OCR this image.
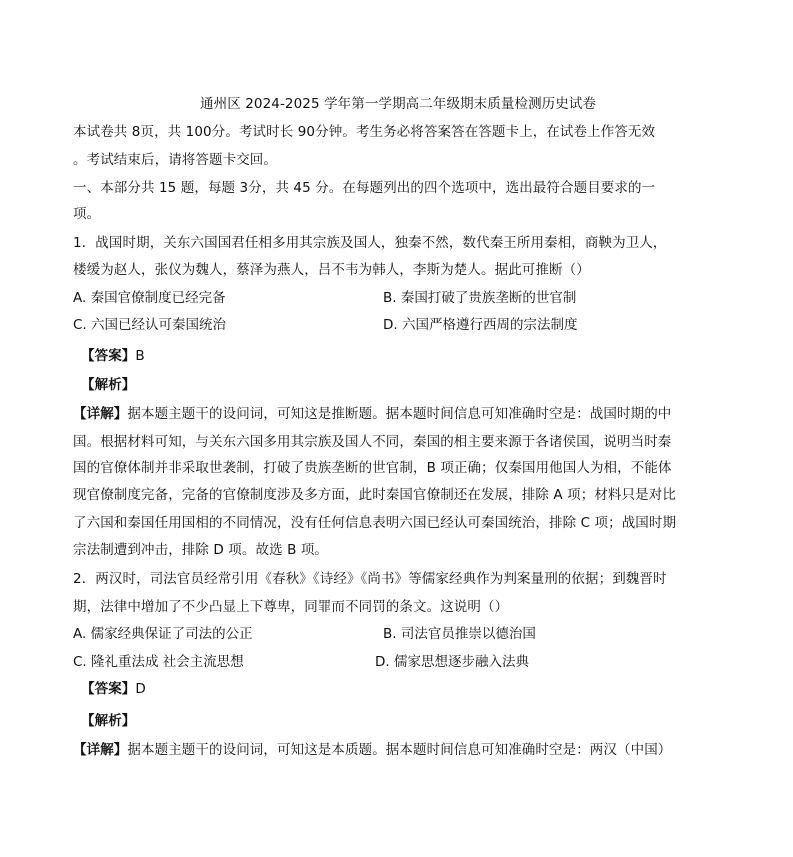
通州区 2024-2025 学年第一学期高二年级期末质量检测历史试卷
本试卷共 8页，共 100分。考试时长 90分钟。考生务必将答案答在答题卡上，在试卷上作答无效
。考试结束后，请将答题卡交回。
一、本部分共 15 题，每题 3分，共 45 分。在每题列出的四个选项中，选出最符合题目要求的一
项。
1．战国时期，关东六国国君任相多用其宗族及国人，独秦不然，数代秦王所用秦相，商鞅为卫人，
楼缓为赵人，张仪为魏人，蔡泽为燕人，吕不韦为韩人，李斯为楚人。据此可推断（）
A. 秦国官僚制度已经完备	B. 秦国打破了贵族垄断的世官制
C. 六国已经认可秦国统治	D. 六国严格遵行西周的宗法制度
【答案】B
【解析】
【详解】据本题主题干的设问词，可知这是推断题。据本题时间信息可知准确时空是：战国时期的中
国。根据材料可知，与关东六国多用其宗族及国人不同，秦国的相主要来源于各诸侯国，说明当时秦
国的官僚体制并非采取世袭制，打破了贵族垄断的世官制，B 项正确；仅秦国用他国人为相，不能体
现官僚制度完备，完备的官僚制度涉及多方面，此时秦国官僚制还在发展，排除 A 项；材料只是对比
了六国和秦国任用国相的不同情况，没有任何信息表明六国已经认可秦国统治，排除 C 项；战国时期
宗法制遭到冲击，排除 D 项。故选 B 项。
2．两汉时，司法官员经常引用《春秋》《诗经》《尚书》等儒家经典作为判案量刑的依据；到魏晋时
期，法律中增加了不少凸显上下尊卑，同罪而不同罚的条文。这说明（）
A. 儒家经典保证了司法的公正	B. 司法官员推崇以德治国
C. 隆礼重法成 社会主流思想	D. 儒家思想逐步融入法典
【答案】D
【解析】
【详解】据本题主题干的设问词，可知这是本质题。据本题时间信息可知准确时空是：两汉（中国）
